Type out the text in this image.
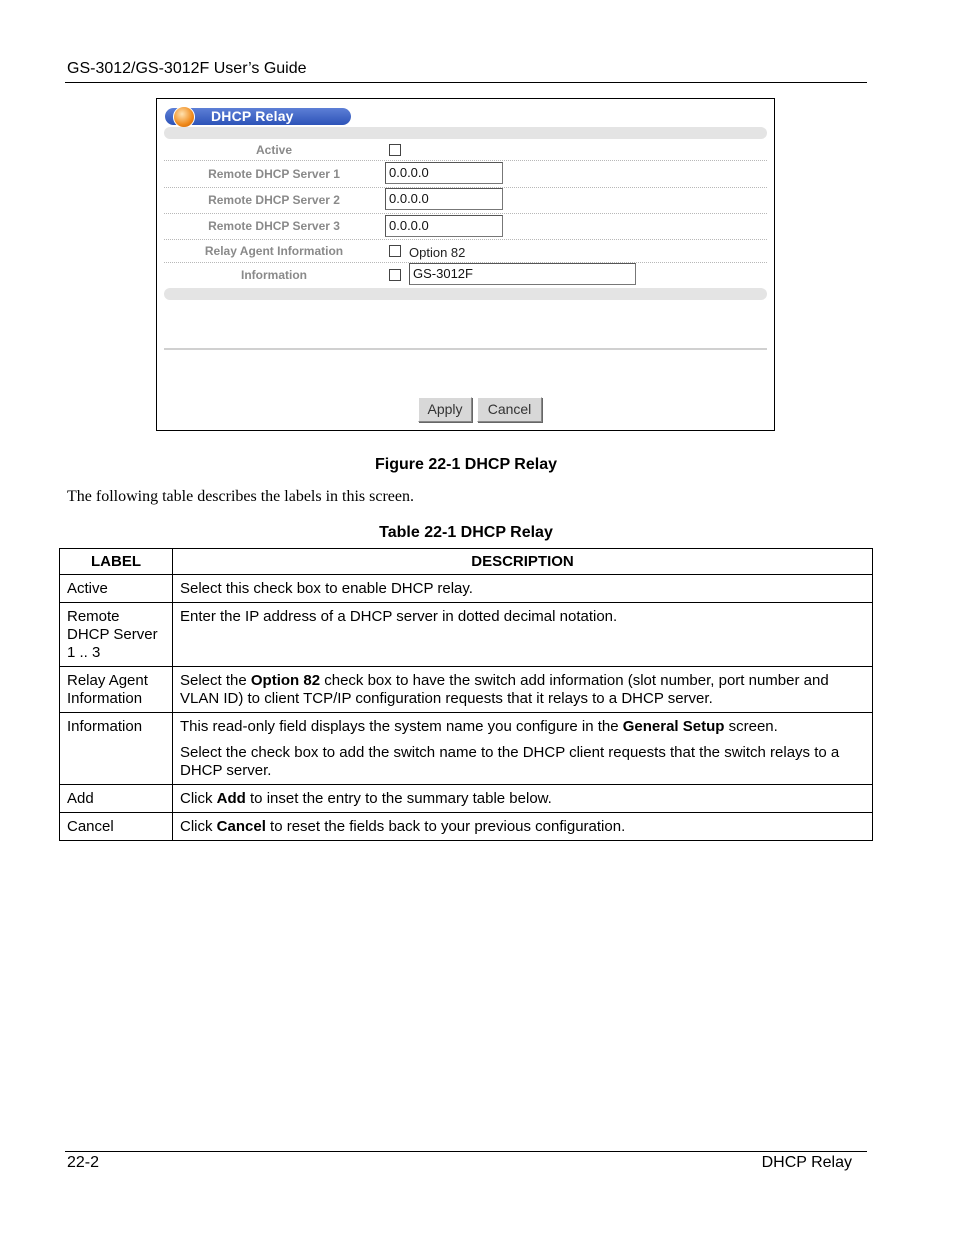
GS-3012/GS-3012F User’s Guide
DHCP Relay
Active
Remote DHCP Server 1	0.0.0.0
Remote DHCP Server 2	0.0.0.0
Remote DHCP Server 3	0.0.0.0
Relay Agent Information	Option 82
Information	GS-3012F
Apply	Cancel
Figure 22-1 DHCP Relay
The following table describes the labels in this screen.
Table 22-1 DHCP Relay
LABEL	DESCRIPTION
Active	Select this check box to enable DHCP relay.
Remote DHCP Server 1 .. 3	Enter the IP address of a DHCP server in dotted decimal notation.
Relay Agent Information	Select the Option 82 check box to have the switch add information (slot number, port number and VLAN ID) to client TCP/IP configuration requests that it relays to a DHCP server.
Information	This read-only field displays the system name you configure in the General Setup screen.

Select the check box to add the switch name to the DHCP client requests that the switch relays to a DHCP server.

Add	Click Add to inset the entry to the summary table below.
Cancel	Click Cancel to reset the fields back to your previous configuration.
22-2	DHCP Relay
